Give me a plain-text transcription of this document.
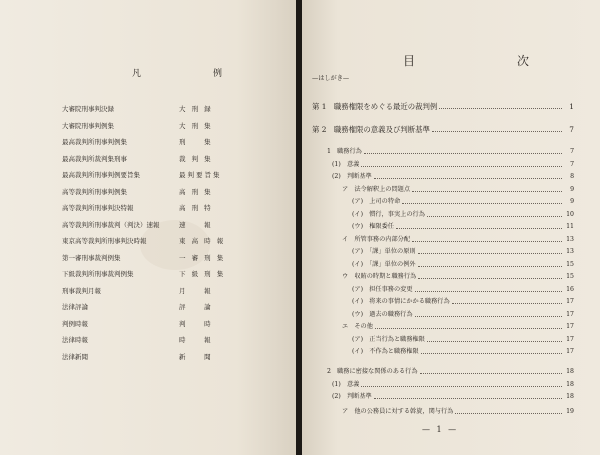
凡　　例
大審院刑事判決録	大 刑 録
大審院刑事判例集	大 刑 集
最高裁判所刑事判例集	刑 　 集
最高裁判所裁判集刑事	裁 判 集
最高裁判所刑事判例要旨集	最判要旨集
高等裁判所刑事判例集	高 刑 集
高等裁判所刑事判決特報	高 刑 特
高等裁判所刑事裁判（判決）速報	速 　 報
東京高等裁判所刑事判決時報	東 高 時 報
第一審刑事裁判例集	一 審 刑 集
下級裁判所刑事裁判例集	下 級 刑 集
刑事裁判月報	月 　 報
法律評論	評 　 論
判例時報	判 　 時
法律時報	時 　 報
法律新聞	新 　 聞
目　　次
—はしがき—
第 1　職務権限をめぐる最近の裁判例	1
第 2　職務権限の意義及び判断基準	7
1　職務行為	7
(1)　意義	7
(2)　判断基準	8
ア　法令解釈上の問題点	9
(ア)　上司の特命	9
(イ)　慣行，事実上の行為	10
(ウ)　権限委任	11
イ　所管事務の内部分配	13
(ア)　「課」単位の原則	13
(イ)　「課」単位の例外	15
ウ　収賄の時期と職務行為	15
(ア)　担任事務の変更	16
(イ)　将来の事情にかかる職務行為	17
(ウ)　過去の職務行為	17
エ　その他	17
(ア)　正当行為と職務権限	17
(イ)　不作為と職務権限	17
2　職務に密接な関係のある行為	18
(1)　意義	18
(2)　判断基準	18
ア　他の公務員に対する斡旋，関与行為	19
— 1 —
